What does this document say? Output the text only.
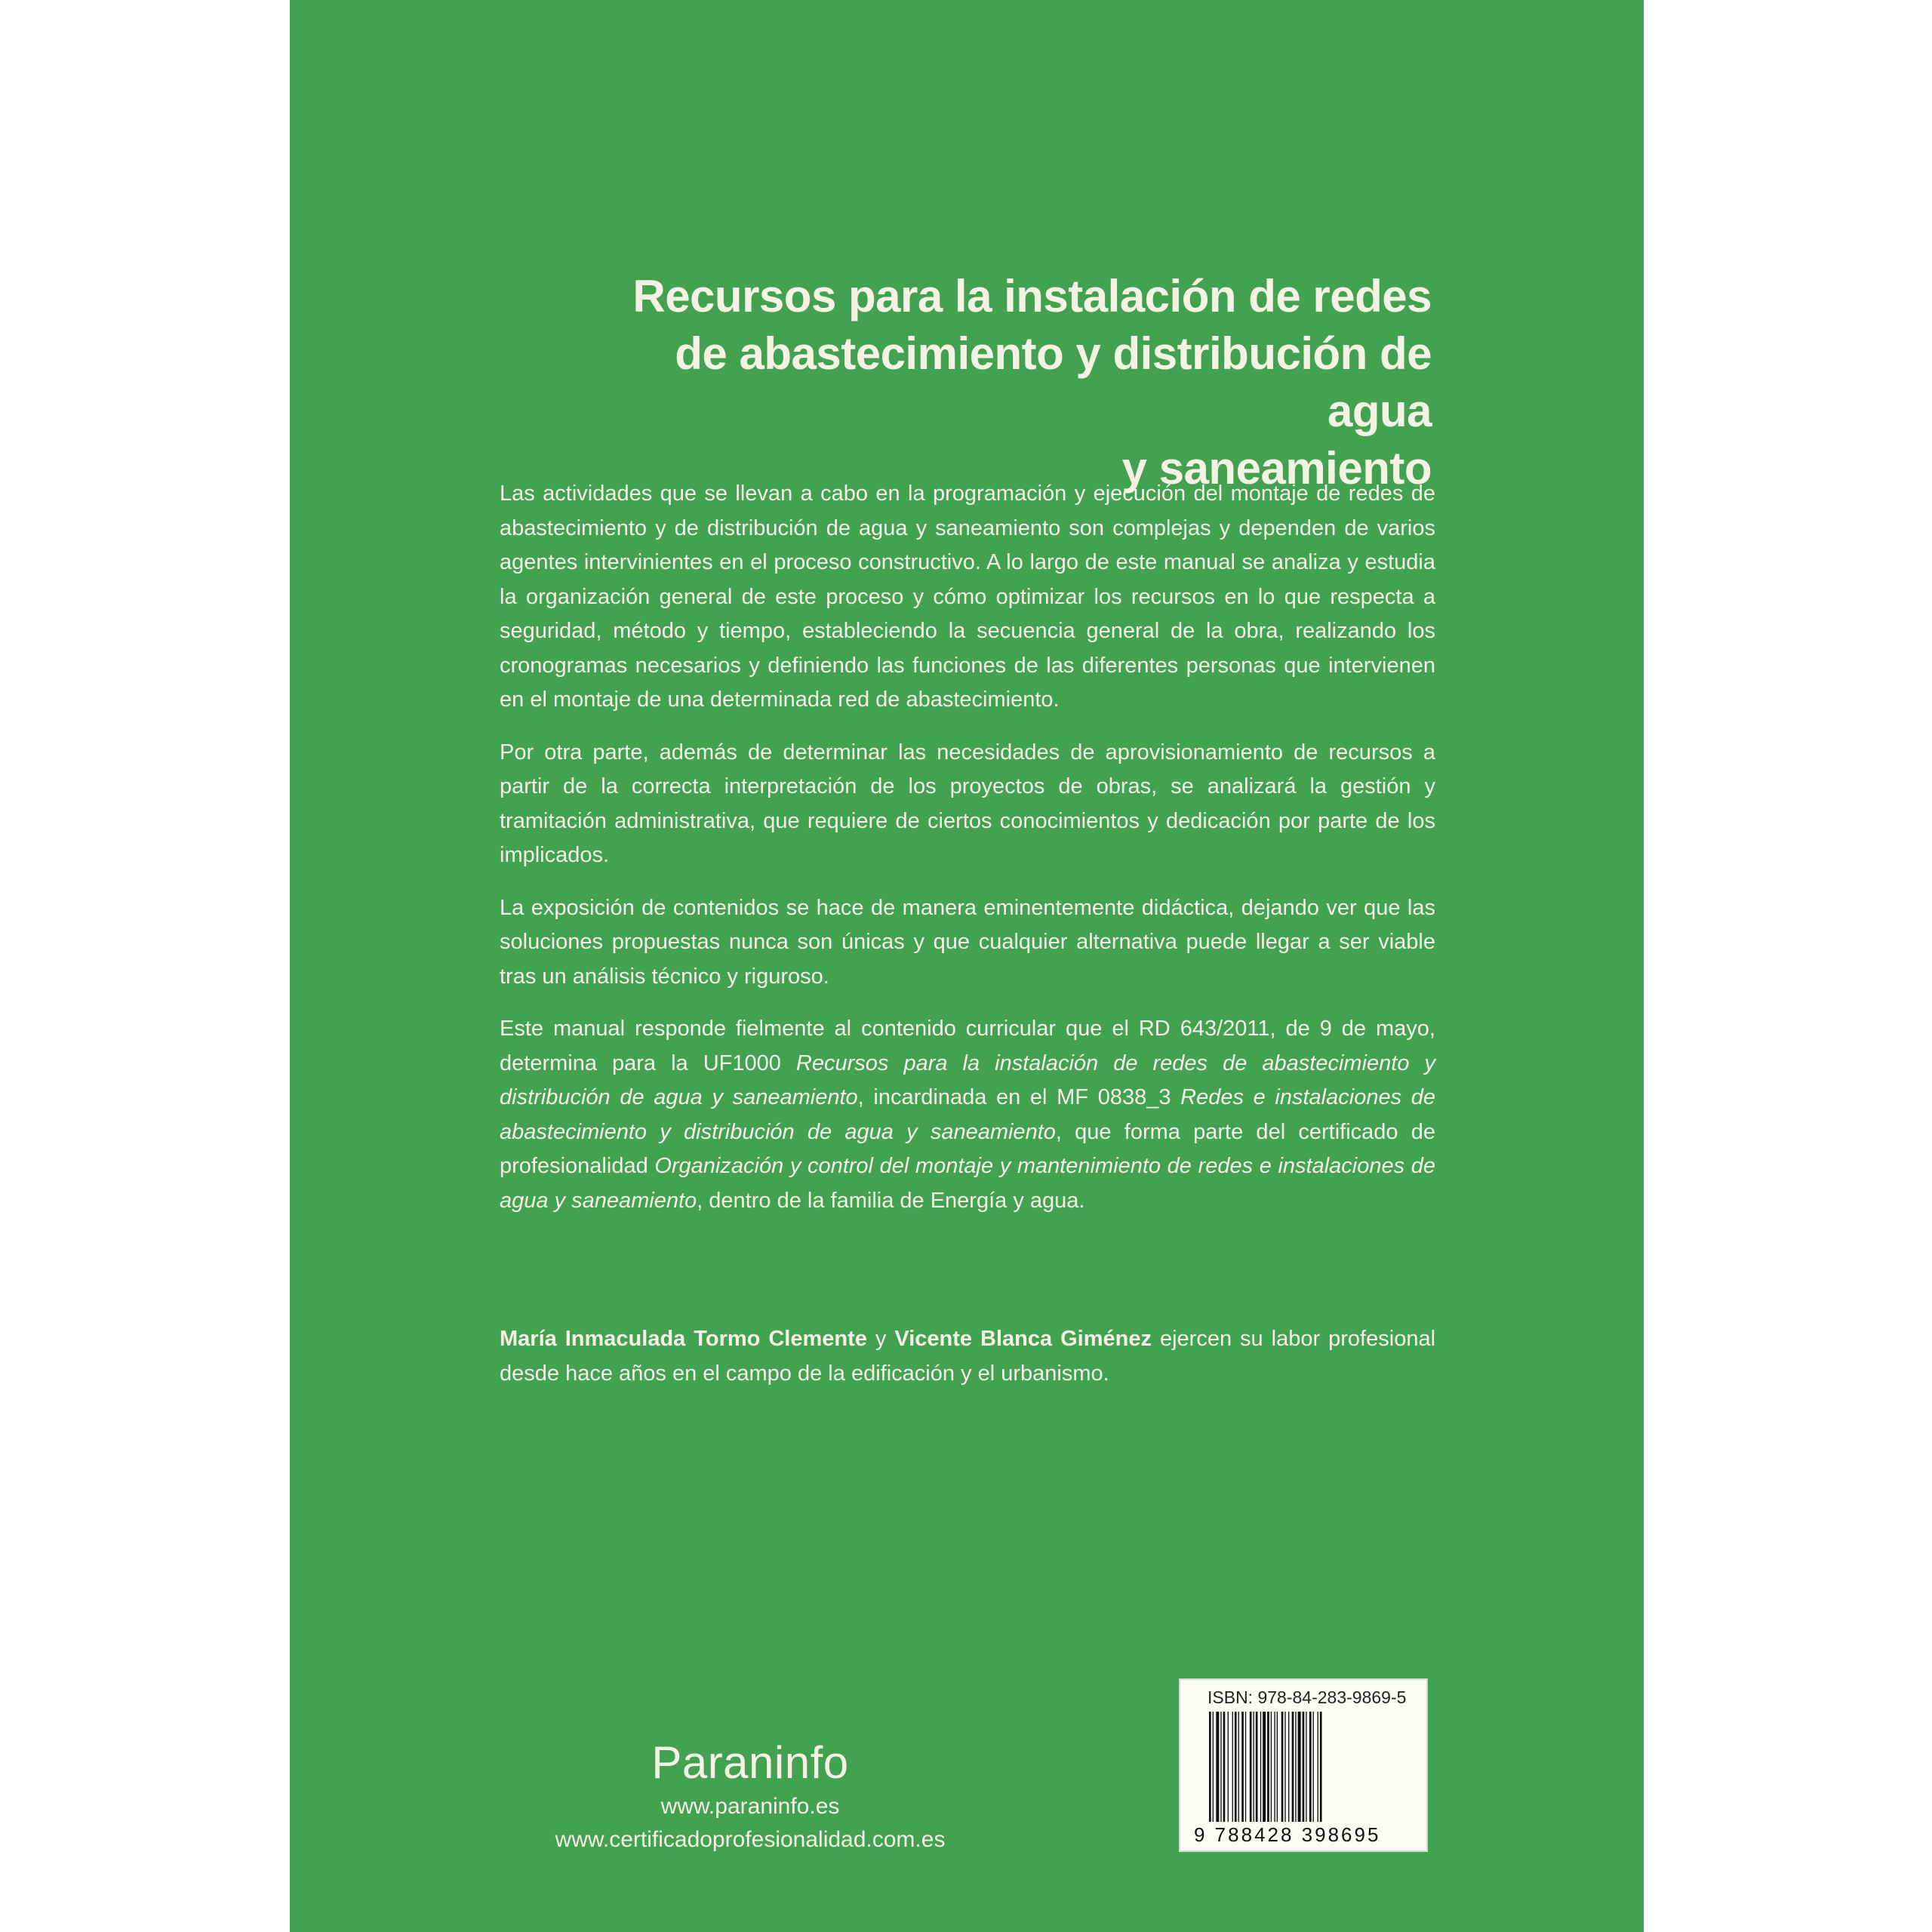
Recursos para la instalación de redes
de abastecimiento y distribución de agua
y saneamiento

Las actividades que se llevan a cabo en la programación y ejecución del montaje de redes de abastecimiento y de distribución de agua y saneamiento son complejas y dependen de varios agentes intervinientes en el proceso constructivo. A lo largo de este manual se analiza y estudia la organización general de este proceso y cómo optimizar los recursos en lo que respecta a seguridad, método y tiempo, estableciendo la secuencia general de la obra, realizando los cronogramas necesarios y definiendo las funciones de las diferentes personas que intervienen en el montaje de una determinada red de abastecimiento.

Por otra parte, además de determinar las necesidades de aprovisionamiento de recursos a partir de la correcta interpretación de los proyectos de obras, se analizará la gestión y tramitación administrativa, que requiere de ciertos conocimientos y dedicación por parte de los implicados.

La exposición de contenidos se hace de manera eminentemente didáctica, dejando ver que las soluciones propuestas nunca son únicas y que cualquier alternativa puede llegar a ser viable tras un análisis técnico y riguroso.

Este manual responde fielmente al contenido curricular que el RD 643/2011, de 9 de mayo, determina para la UF1000 Recursos para la instalación de redes de abastecimiento y distribución de agua y saneamiento, incardinada en el MF 0838_3 Redes e instalaciones de abastecimiento y distribución de agua y saneamiento, que forma parte del certificado de profesionalidad Organización y control del montaje y mantenimiento de redes e instalaciones de agua y saneamiento, dentro de la familia de Energía y agua.

María Inmaculada Tormo Clemente y Vicente Blanca Giménez ejercen su labor profesional desde hace años en el campo de la edificación y el urbanismo.

Paraninfo
www.paraninfo.es
www.certificadoprofesionalidad.com.es
ISBN: 978-84-283-9869-5
9 788428 398695
